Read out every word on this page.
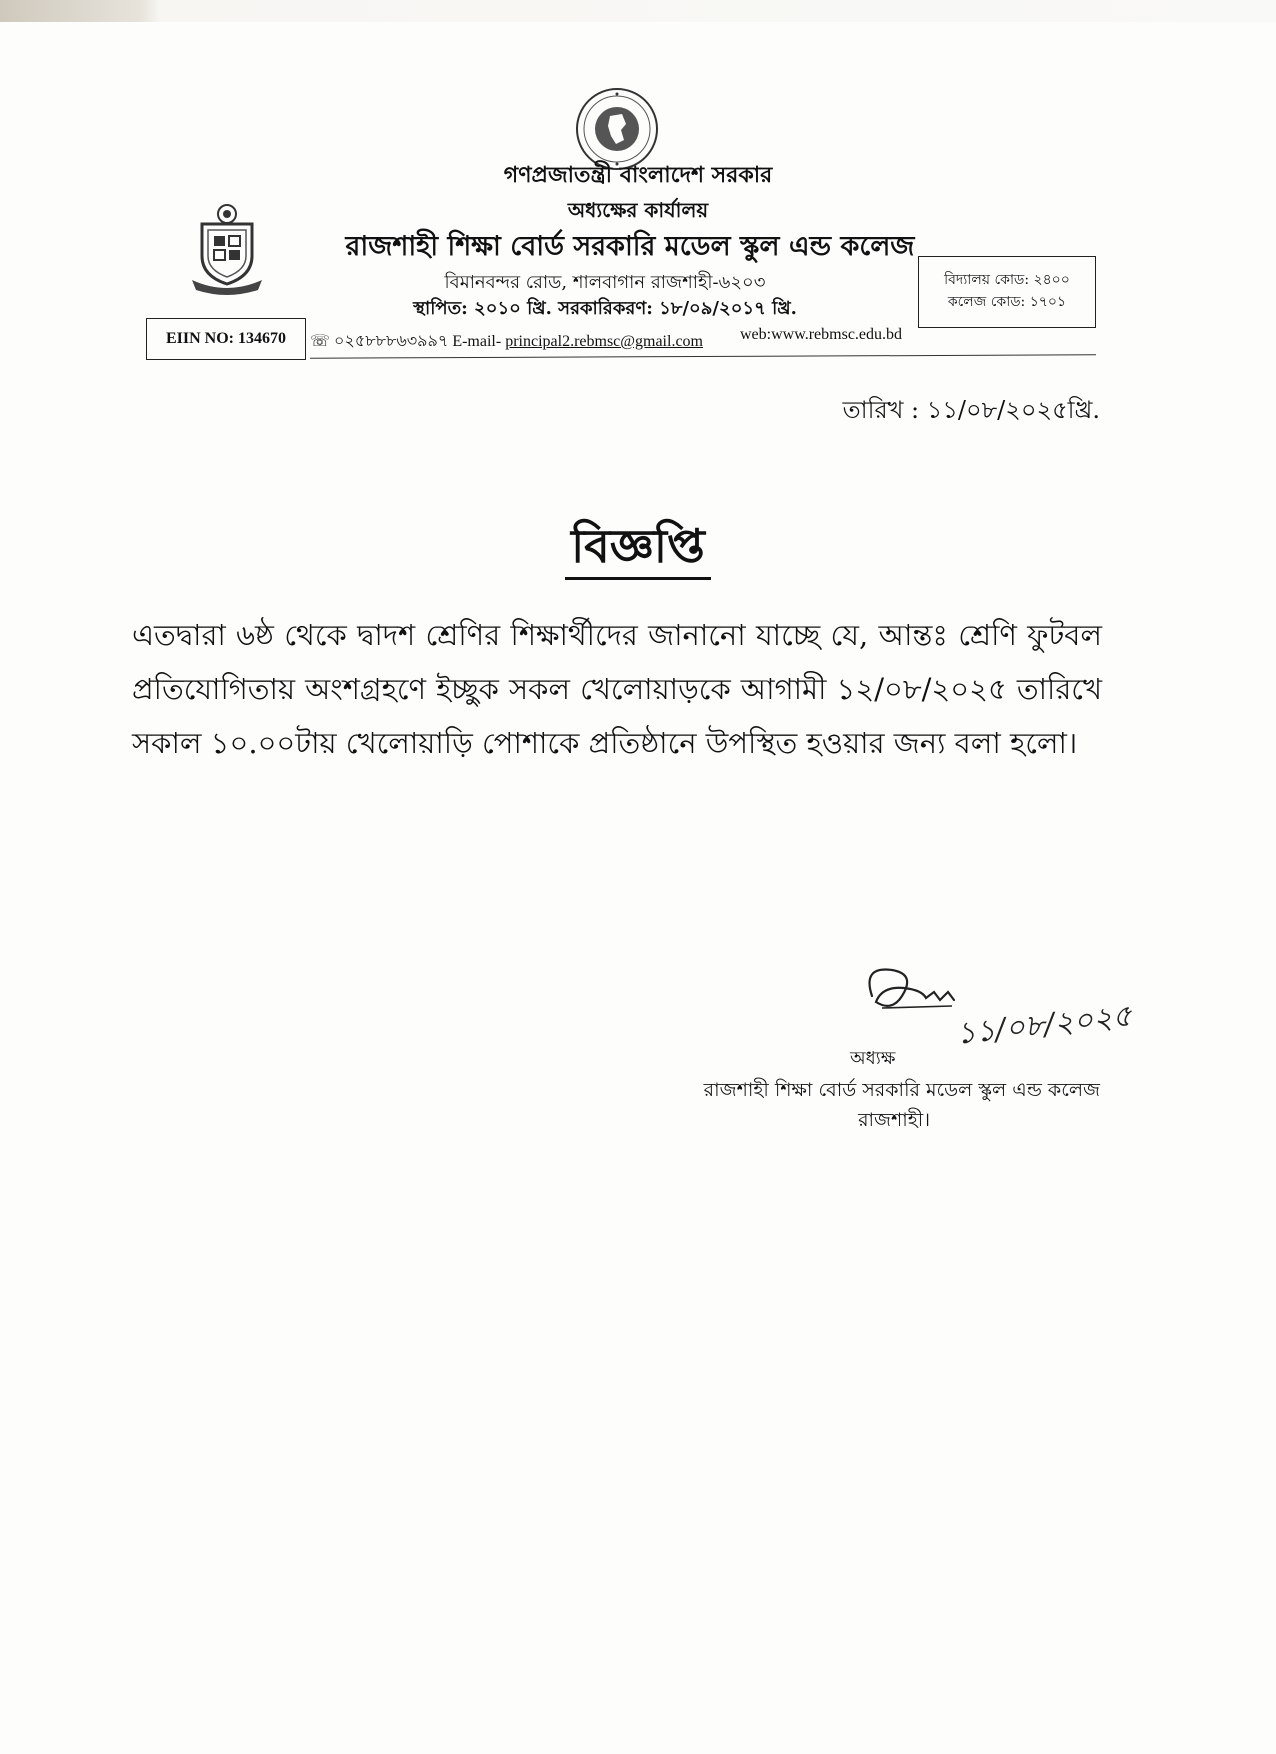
গণপ্রজাতন্ত্রী বাংলাদেশ সরকার
অধ্যক্ষের কার্যালয়
রাজশাহী শিক্ষা বোর্ড সরকারি মডেল স্কুল এন্ড কলেজ
বিমানবন্দর রোড, শালবাগান রাজশাহী-৬২০৩
স্থাপিত: ২০১০ খ্রি. সরকারিকরণ: ১৮/০৯/২০১৭ খ্রি.
বিদ্যালয় কোড: ২৪০০
কলেজ কোড: ১৭০১
EIIN NO: 134670	☏ ০২৫৮৮৮৬৩৯৯৭ E-mail- principal2.rebmsc@gmail.com	web:www.rebmsc.edu.bd
তারিখ : ১১/০৮/২০২৫খ্রি.
বিজ্ঞপ্তি
এতদ্বারা ৬ষ্ঠ থেকে দ্বাদশ শ্রেণির শিক্ষার্থীদের জানানো যাচ্ছে যে, আন্তঃ শ্রেণি ফুটবল প্রতিযোগিতায় অংশগ্রহণে ইচ্ছুক সকল খেলোয়াড়কে আগামী ১২/০৮/২০২৫ তারিখে সকাল ১০.০০টায় খেলোয়াড়ি পোশাকে প্রতিষ্ঠানে উপস্থিত হওয়ার জন্য বলা হলো।
১১/০৮/২০২৫
অধ্যক্ষ
রাজশাহী শিক্ষা বোর্ড সরকারি মডেল স্কুল এন্ড কলেজ
রাজশাহী।
